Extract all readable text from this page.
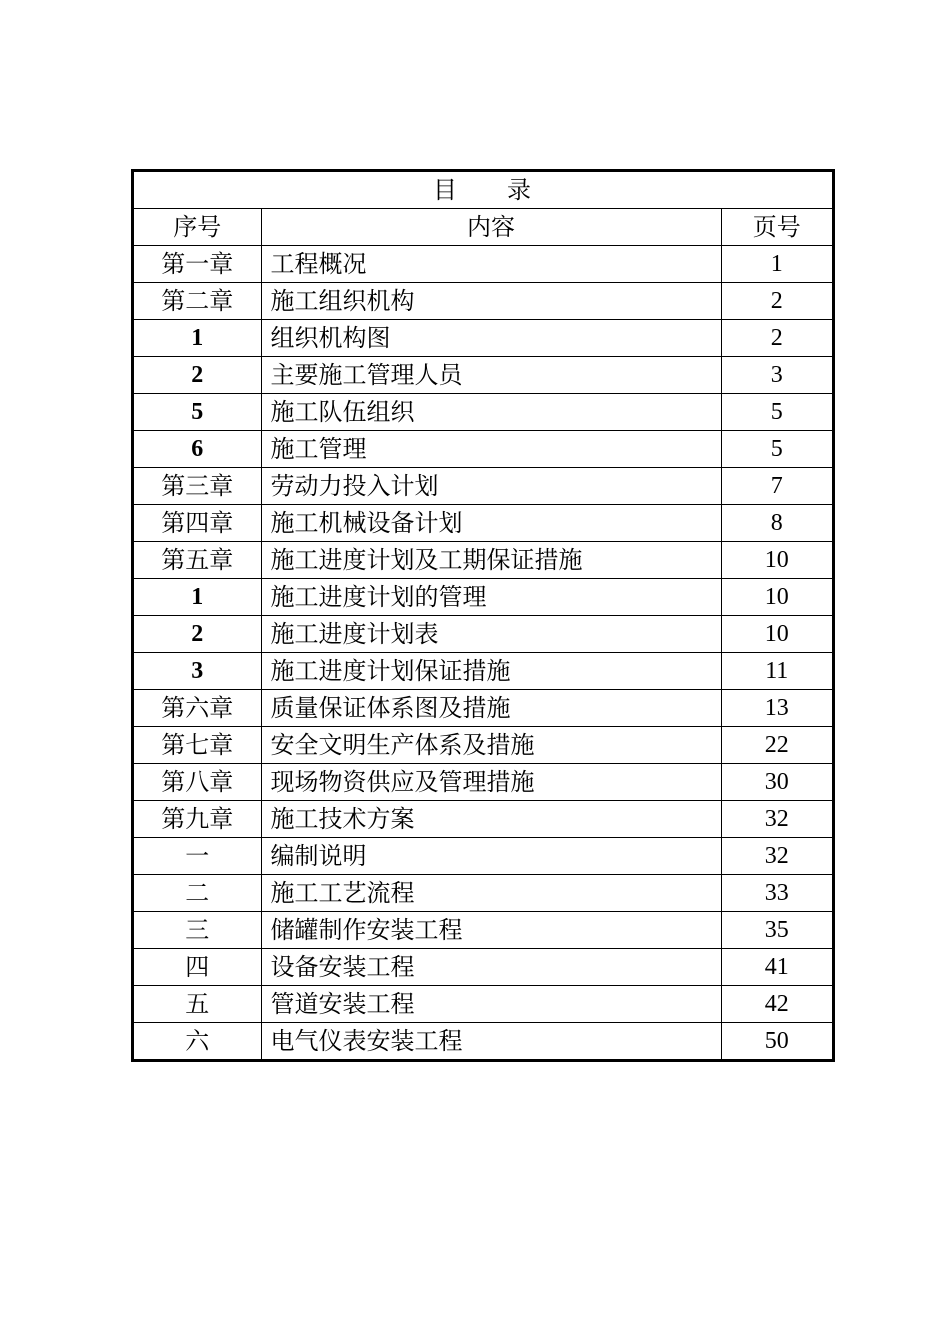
目 录		
序号	内容	页号
第一章	工程概况	1
第二章	施工组织机构	2
1	组织机构图	2
2	主要施工管理人员	3
5	施工队伍组织	5
6	施工管理	5
第三章	劳动力投入计划	7
第四章	施工机械设备计划	8
第五章	施工进度计划及工期保证措施	10
1	施工进度计划的管理	10
2	施工进度计划表	10
3	施工进度计划保证措施	11
第六章	质量保证体系图及措施	13
第七章	安全文明生产体系及措施	22
第八章	现场物资供应及管理措施	30
第九章	施工技术方案	32
一	编制说明	32
二	施工工艺流程	33
三	储罐制作安装工程	35
四	设备安装工程	41
五	管道安装工程	42
六	电气仪表安装工程	50
